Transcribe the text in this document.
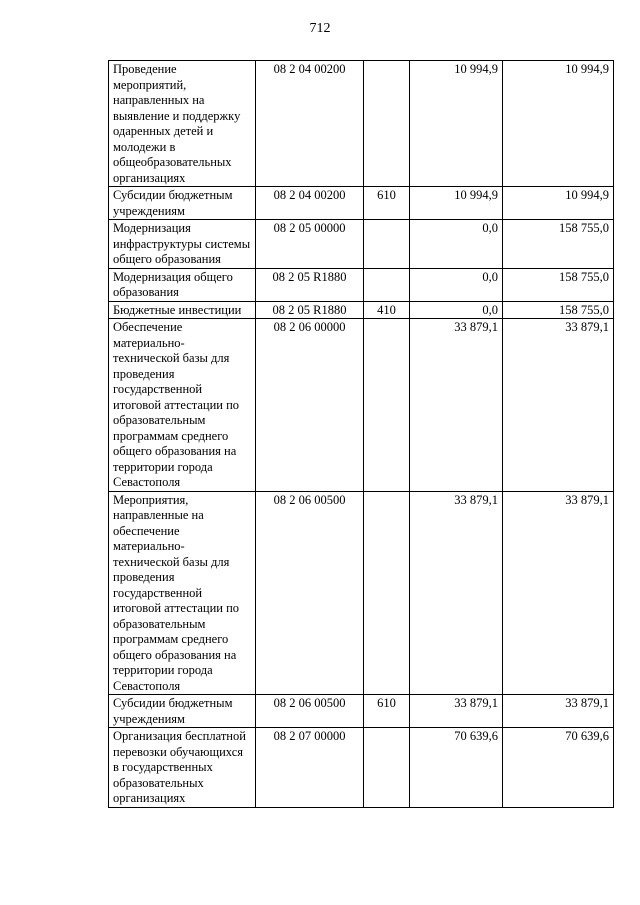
712
Проведение мероприятий, направленных на выявление и поддержку одаренных детей и молодежи в общеобразовательных организациях	08 2 04 00200		10 994,9	10 994,9
Субсидии бюджетным учреждениям	08 2 04 00200	610	10 994,9	10 994,9
Модернизация инфраструктуры системы общего образования	08 2 05 00000		0,0	158 755,0
Модернизация общего образования	08 2 05 R1880		0,0	158 755,0
Бюджетные инвестиции	08 2 05 R1880	410	0,0	158 755,0
Обеспечение материально-технической базы для проведения государственной итоговой аттестации по образовательным программам среднего общего образования на территории города Севастополя	08 2 06 00000		33 879,1	33 879,1
Мероприятия, направленные на обеспечение материально-технической базы для проведения государственной итоговой аттестации по образовательным программам среднего общего образования на территории города Севастополя	08 2 06 00500		33 879,1	33 879,1
Субсидии бюджетным учреждениям	08 2 06 00500	610	33 879,1	33 879,1
Организация бесплатной перевозки обучающихся в государственных образовательных организациях	08 2 07 00000		70 639,6	70 639,6
